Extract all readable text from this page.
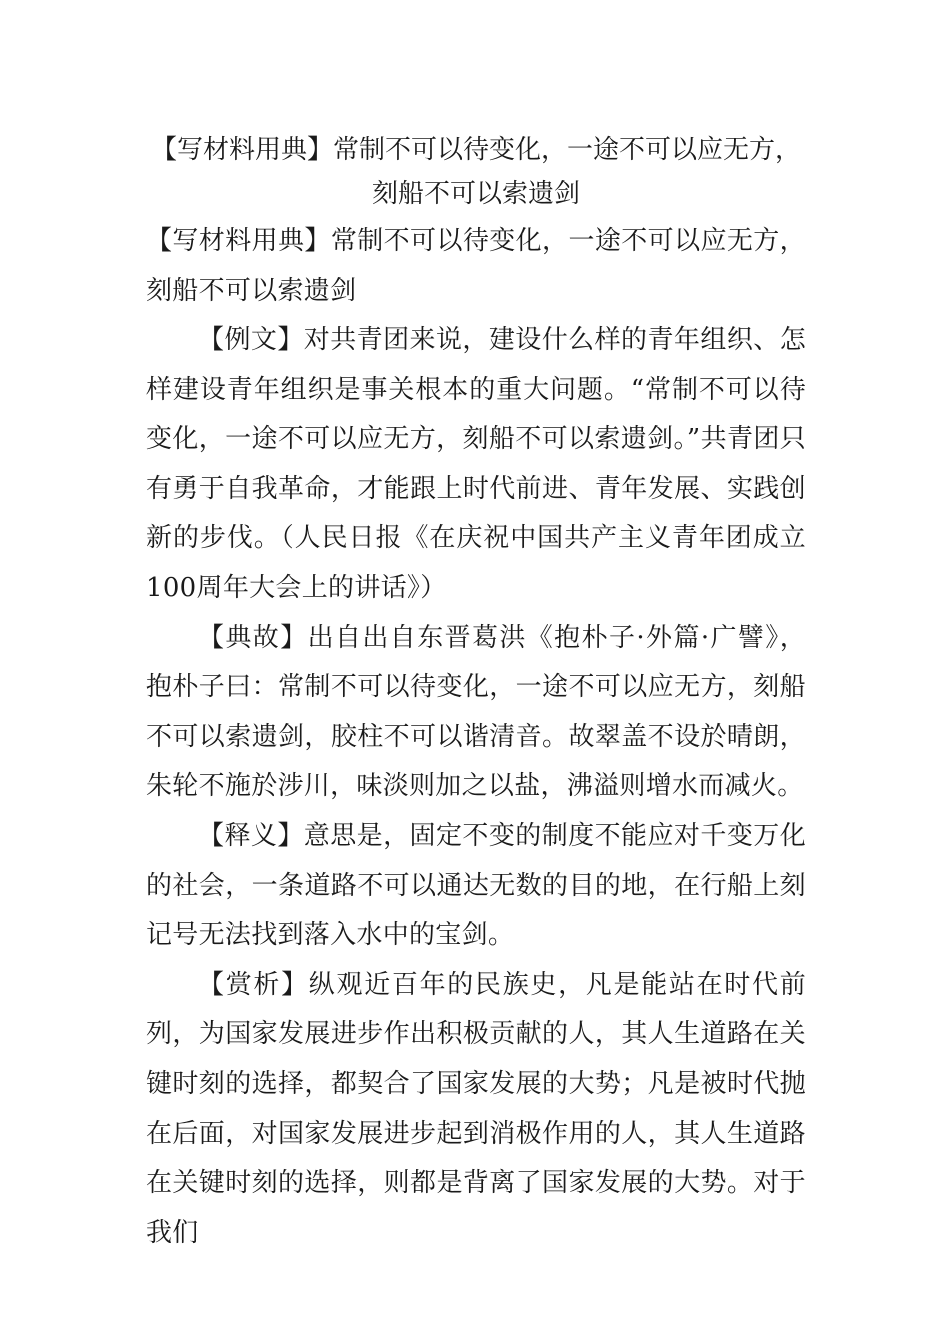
【写材料用典】常制不可以待变化，一途不可以应无方，刻船不可以索遗剑
【写材料用典】常制不可以待变化，一途不可以应无方，刻船不可以索遗剑

【例文】对共青团来说，建设什么样的青年组织、怎样建设青年组织是事关根本的重大问题。“常制不可以待变化，一途不可以应无方，刻船不可以索遗剑。”共青团只有勇于自我革命，才能跟上时代前进、青年发展、实践创新的步伐。（人民日报《在庆祝中国共产主义青年团成立100周年大会上的讲话》）

【典故】出自出自东晋葛洪《抱朴子·外篇·广譬》，抱朴子曰：常制不可以待变化，一途不可以应无方，刻船不可以索遗剑，胶柱不可以谐清音。故翠盖不设於晴朗，朱轮不施於涉川，味淡则加之以盐，沸溢则增水而减火。

【释义】意思是，固定不变的制度不能应对千变万化的社会，一条道路不可以通达无数的目的地，在行船上刻记号无法找到落入水中的宝剑。

【赏析】纵观近百年的民族史，凡是能站在时代前列，为国家发展进步作出积极贡献的人，其人生道路在关键时刻的选择，都契合了国家发展的大势；凡是被时代抛在后面，对国家发展进步起到消极作用的人，其人生道路在关键时刻的选择，则都是背离了国家发展的大势。对于我们
